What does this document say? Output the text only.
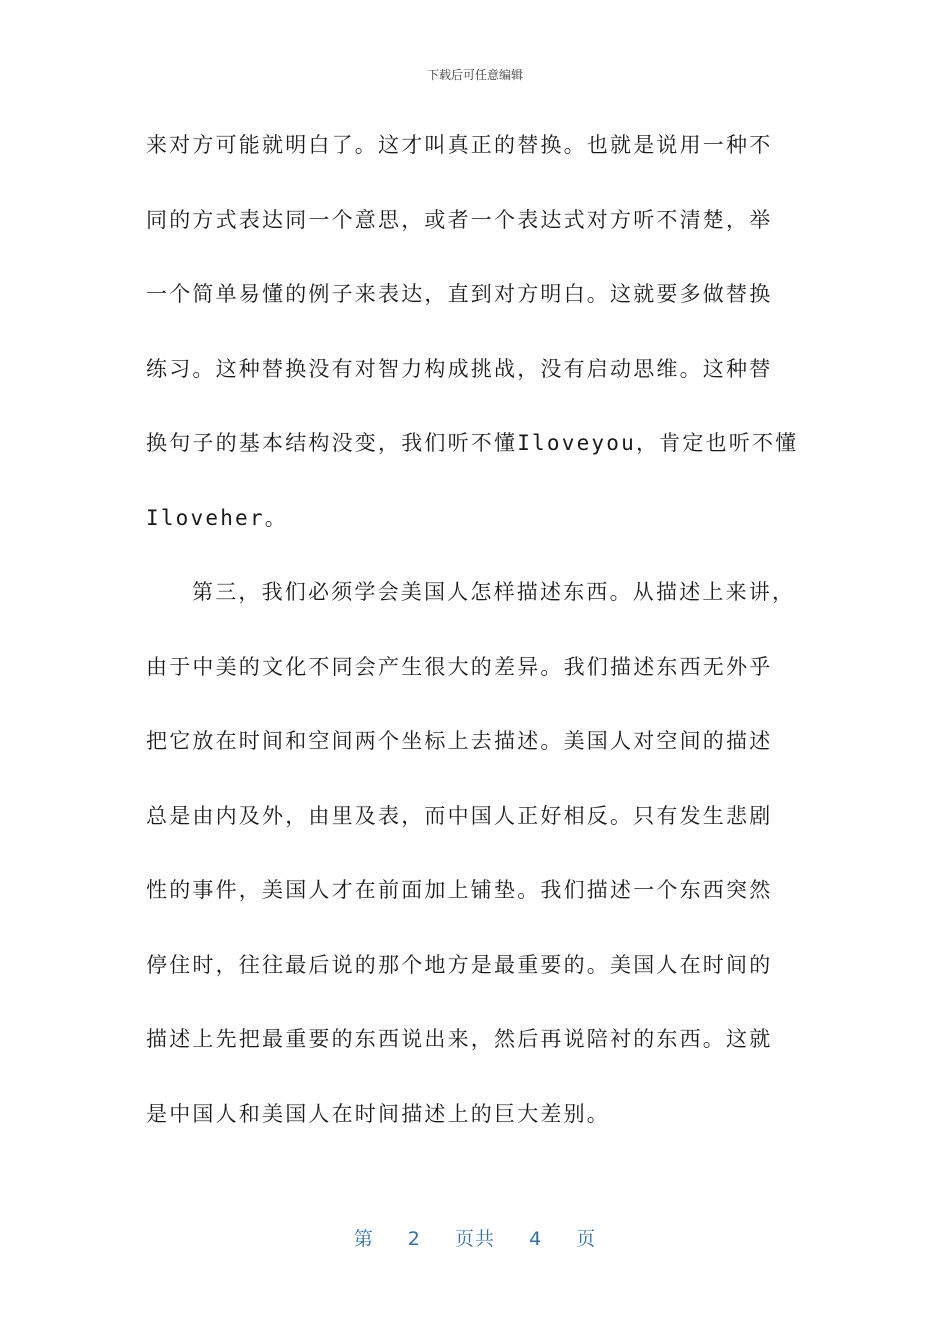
下载后可任意编辑
来对方可能就明白了。这才叫真正的替换。也就是说用一种不
同的方式表达同一个意思，或者一个表达式对方听不清楚，举
一个简单易懂的例子来表达，直到对方明白。这就要多做替换
练习。这种替换没有对智力构成挑战，没有启动思维。这种替
换句子的基本结构没变，我们听不懂Iloveyou，肯定也听不懂
Iloveher。
第三，我们必须学会美国人怎样描述东西。从描述上来讲，
由于中美的文化不同会产生很大的差异。我们描述东西无外乎
把它放在时间和空间两个坐标上去描述。美国人对空间的描述
总是由内及外，由里及表，而中国人正好相反。只有发生悲剧
性的事件，美国人才在前面加上铺垫。我们描述一个东西突然
停住时，往往最后说的那个地方是最重要的。美国人在时间的
描述上先把最重要的东西说出来，然后再说陪衬的东西。这就
是中国人和美国人在时间描述上的巨大差别。
第 2 页共 4 页
